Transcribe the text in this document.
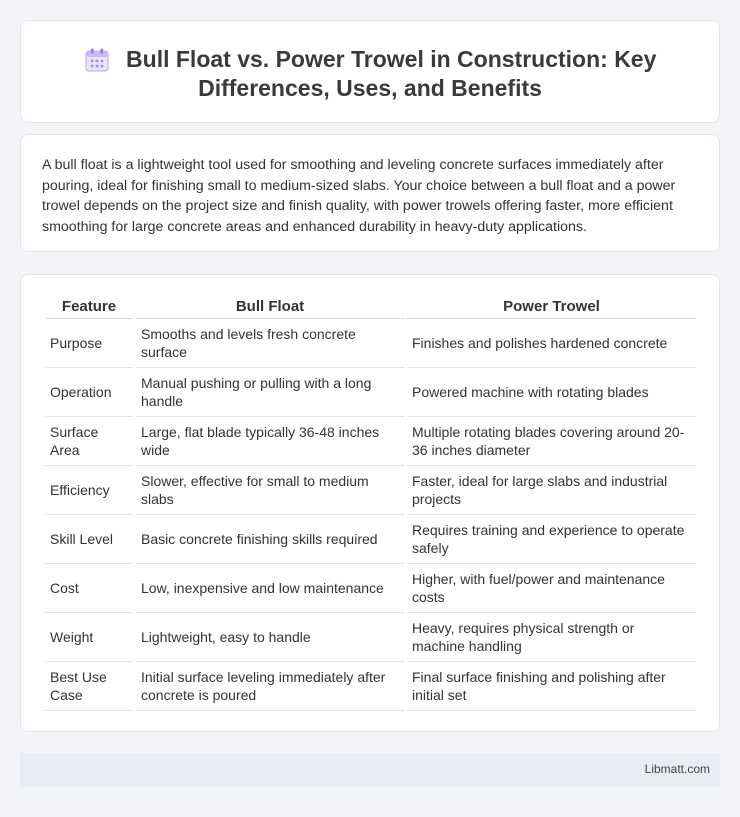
Bull Float vs. Power Trowel in Construction: Key Differences, Uses, and Benefits

A bull float is a lightweight tool used for smoothing and leveling concrete surfaces immediately after pouring, ideal for finishing small to medium-sized slabs. Your choice between a bull float and a power trowel depends on the project size and finish quality, with power trowels offering faster, more efficient smoothing for large concrete areas and enhanced durability in heavy-duty applications.

Feature	Bull Float	Power Trowel
Purpose	Smooths and levels fresh concrete surface	Finishes and polishes hardened concrete
Operation	Manual pushing or pulling with a long handle	Powered machine with rotating blades
Surface Area	Large, flat blade typically 36-48 inches wide	Multiple rotating blades covering around 20-36 inches diameter
Efficiency	Slower, effective for small to medium slabs	Faster, ideal for large slabs and industrial projects
Skill Level	Basic concrete finishing skills required	Requires training and experience to operate safely
Cost	Low, inexpensive and low maintenance	Higher, with fuel/power and maintenance costs
Weight	Lightweight, easy to handle	Heavy, requires physical strength or machine handling
Best Use Case	Initial surface leveling immediately after concrete is poured	Final surface finishing and polishing after initial set
Libmatt.com
